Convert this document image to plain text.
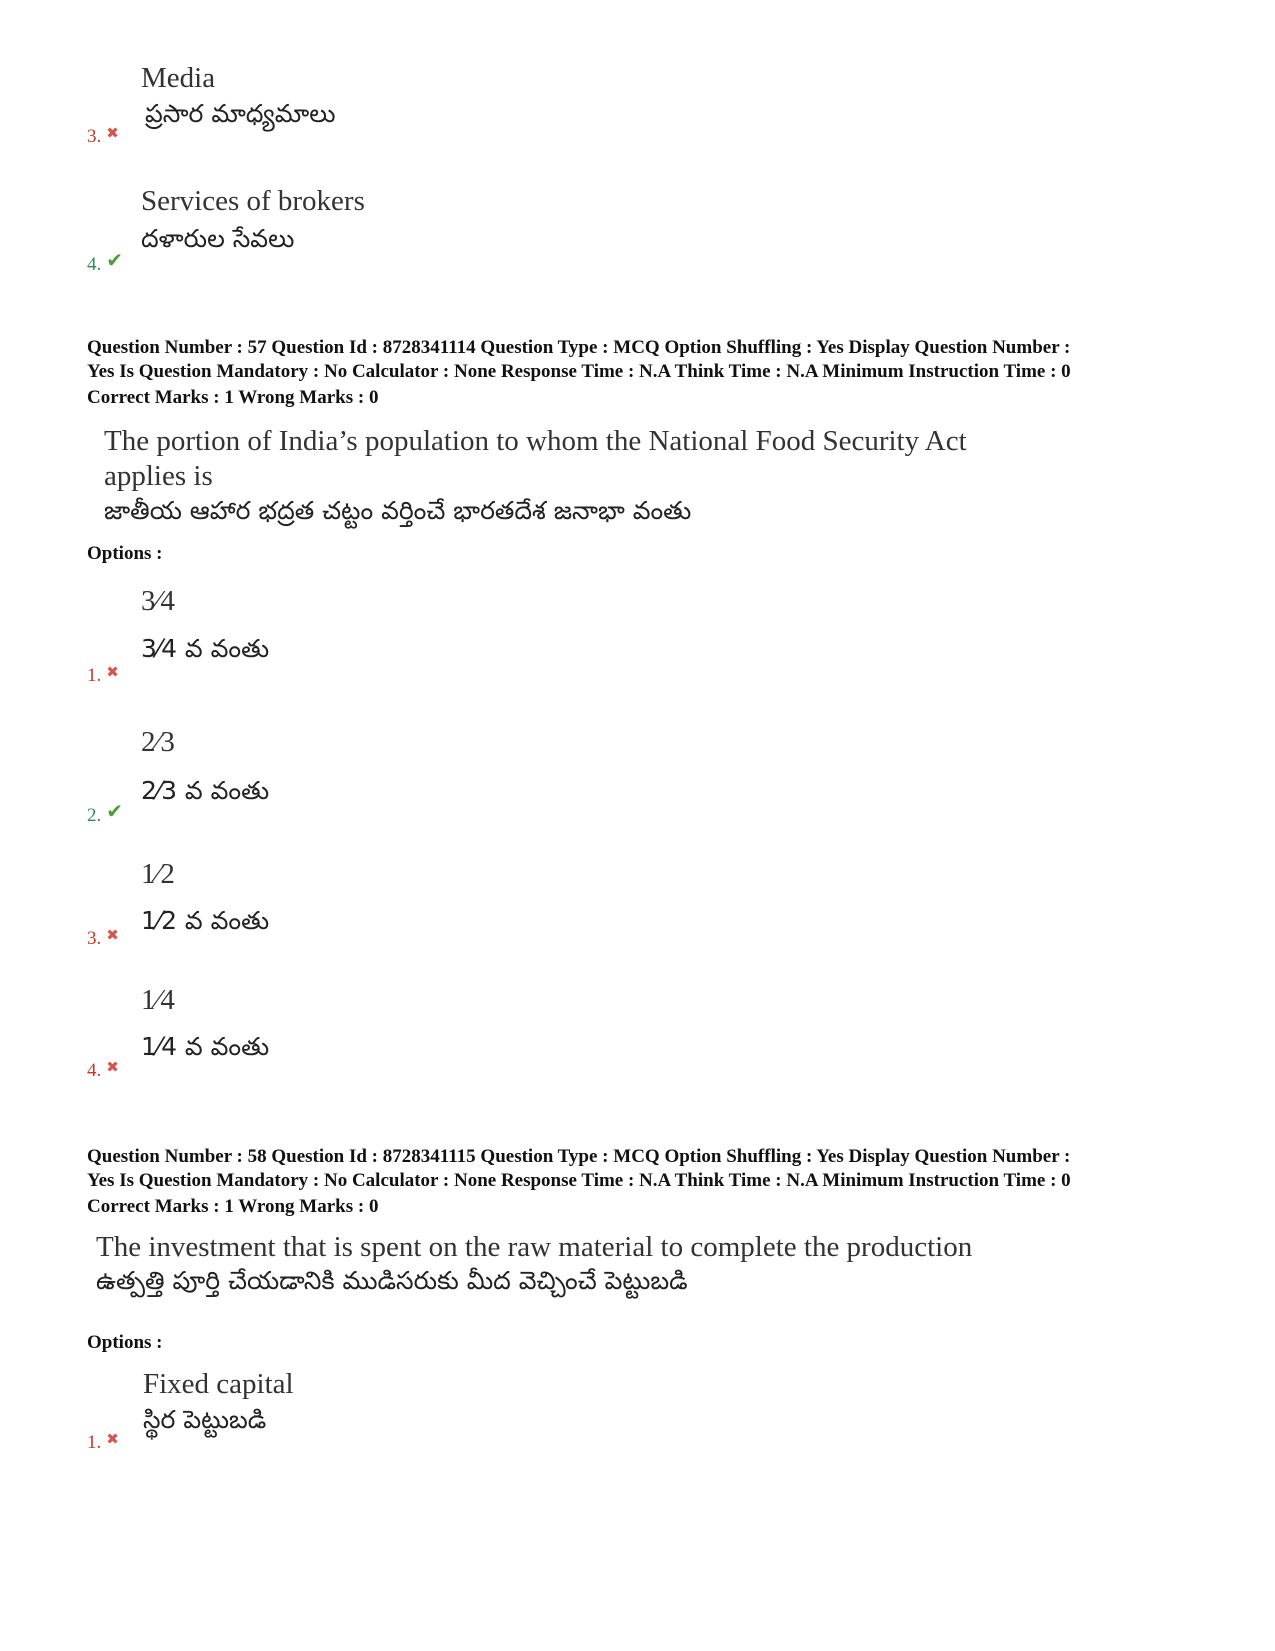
Media
ప్రసార మాధ్యమాలు
3. ✖
Services of brokers
దళారుల సేవలు
4. ✔
Question Number : 57 Question Id : 8728341114 Question Type : MCQ Option Shuffling : Yes Display Question Number :
Yes Is Question Mandatory : No Calculator : None Response Time : N.A Think Time : N.A Minimum Instruction Time : 0
Correct Marks : 1 Wrong Marks : 0
The portion of India’s population to whom the National Food Security Act
applies is
జాతీయ ఆహార భద్రత చట్టం వర్తించే భారతదేశ జనాభా వంతు
Options :
3⁄4
3⁄4 వ వంతు
1. ✖
2⁄3
2⁄3 వ వంతు
2. ✔
1⁄2
1⁄2 వ వంతు
3. ✖
1⁄4
1⁄4 వ వంతు
4. ✖
Question Number : 58 Question Id : 8728341115 Question Type : MCQ Option Shuffling : Yes Display Question Number :
Yes Is Question Mandatory : No Calculator : None Response Time : N.A Think Time : N.A Minimum Instruction Time : 0
Correct Marks : 1 Wrong Marks : 0
The investment that is spent on the raw material to complete the production
ఉత్పత్తి పూర్తి చేయడానికి ముడిసరుకు మీద వెచ్చించే పెట్టుబడి
Options :
Fixed capital
స్థిర పెట్టుబడి
1. ✖
